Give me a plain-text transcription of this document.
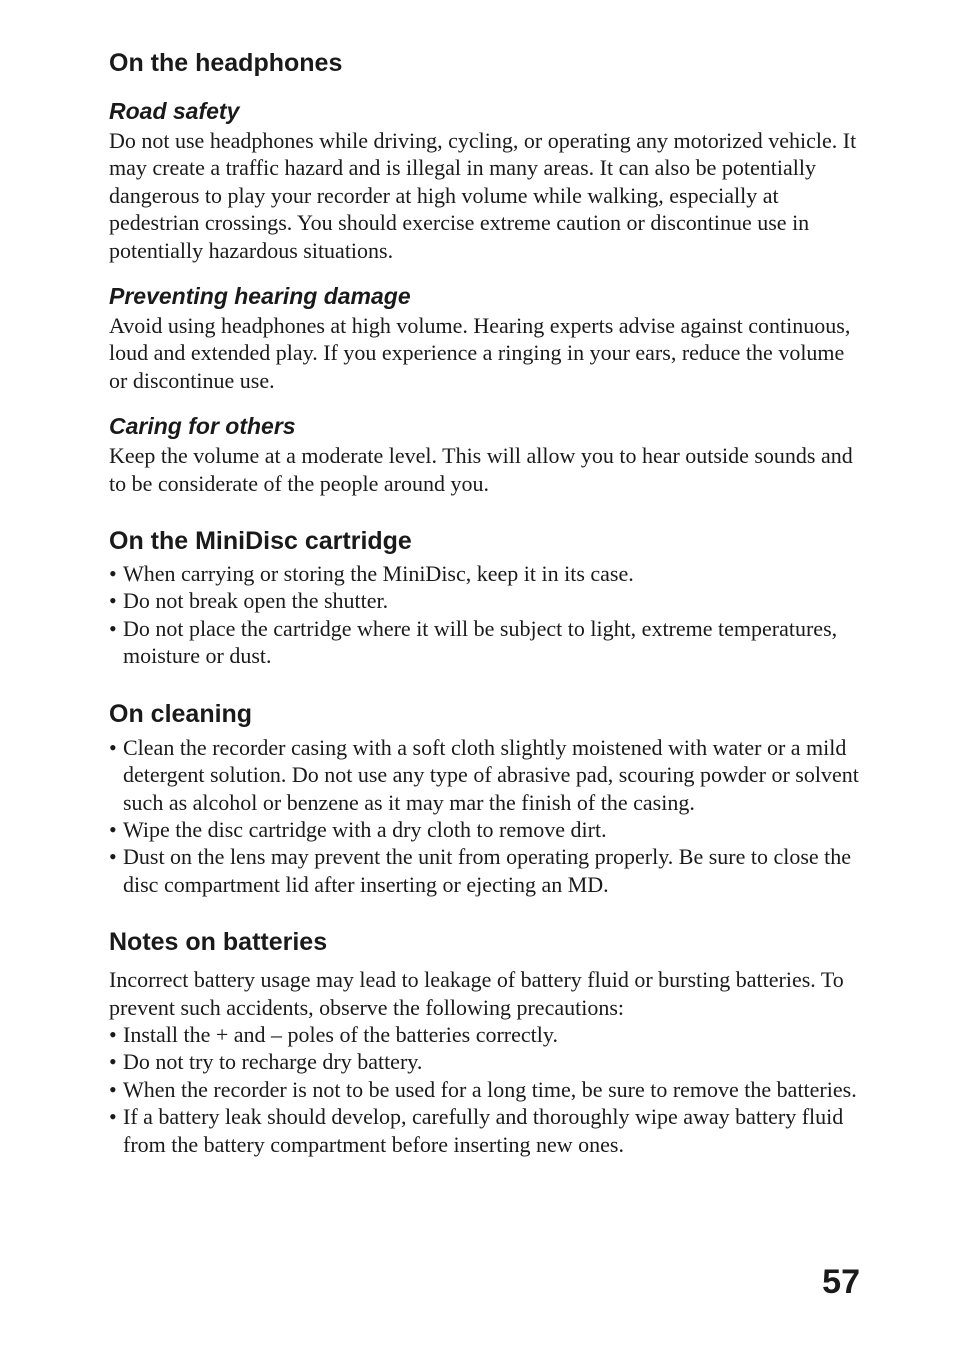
On the headphones
Road safety

Do not use headphones while driving, cycling, or operating any motorized vehicle. It may create a traffic hazard and is illegal in many areas. It can also be potentially dangerous to play your recorder at high volume while walking, especially at pedestrian crossings. You should exercise extreme caution or discontinue use in potentially hazardous situations.

Preventing hearing damage

Avoid using headphones at high volume. Hearing experts advise against continuous, loud and extended play. If you experience a ringing in your ears, reduce the volume or discontinue use.

Caring for others

Keep the volume at a moderate level. This will allow you to hear outside sounds and to be considerate of the people around you.

On the MiniDisc cartridge
• When carrying or storing the MiniDisc, keep it in its case.
• Do not break open the shutter.
• Do not place the cartridge where it will be subject to light, extreme temperatures, moisture or dust.
On cleaning
• Clean the recorder casing with a soft cloth slightly moistened with water or a mild detergent solution. Do not use any type of abrasive pad, scouring powder or solvent such as alcohol or benzene as it may mar the finish of the casing.
• Wipe the disc cartridge with a dry cloth to remove dirt.
• Dust on the lens may prevent the unit from operating properly. Be sure to close the disc compartment lid after inserting or ejecting an MD.
Notes on batteries

Incorrect battery usage may lead to leakage of battery fluid or bursting batteries. To prevent such accidents, observe the following precautions:

• Install the + and – poles of the batteries correctly.
• Do not try to recharge dry battery.
• When the recorder is not to be used for a long time, be sure to remove the batteries.
• If a battery leak should develop, carefully and thoroughly wipe away battery fluid from the battery compartment before inserting new ones.
57
